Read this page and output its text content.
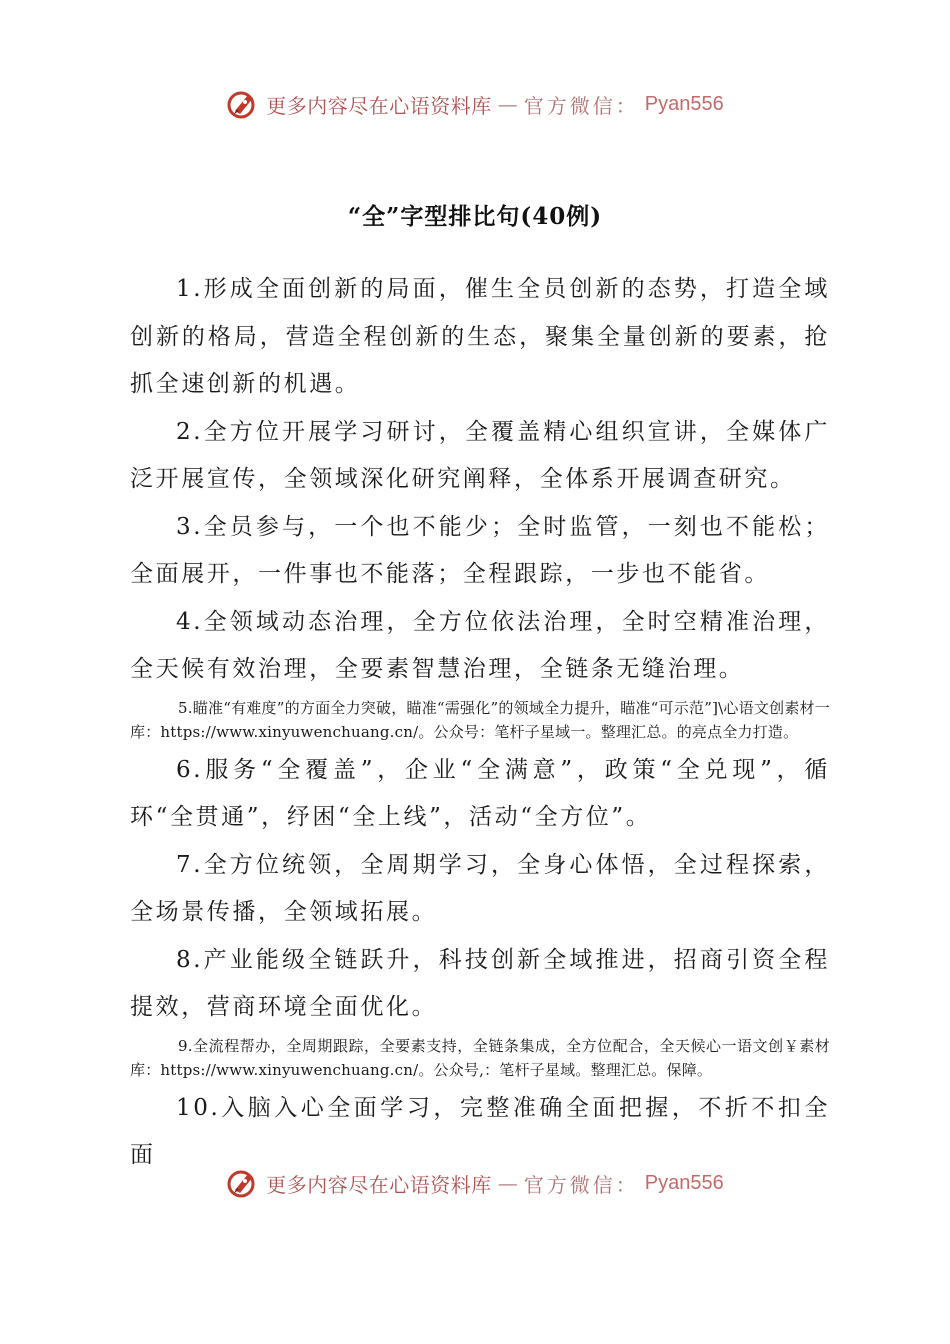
更多内容尽在心语资料库 — 官方微信： Pyan556
“全”字型排比句(40例)

1.形成全面创新的局面，催生全员创新的态势，打造全域创新的格局，营造全程创新的生态，聚集全量创新的要素，抢抓全速创新的机遇。

2.全方位开展学习研讨，全覆盖精心组织宣讲，全媒体广泛开展宣传，全领域深化研究阐释，全体系开展调查研究。

3.全员参与，一个也不能少；全时监管，一刻也不能松；全面展开，一件事也不能落；全程跟踪，一步也不能省。

4.全领域动态治理，全方位依法治理，全时空精准治理，全天候有效治理，全要素智慧治理，全链条无缝治理。

5.瞄准“有难度”的方面全力突破，瞄准“需强化”的领域全力提升，瞄准“可示范”]\心语文创素材一库：https://www.xinyuwenchuang.cn/。公众号：笔杆子星域一。整理汇总。的亮点全力打造。

6.服务“全覆盖”，企业“全满意”，政策“全兑现”，循环“全贯通”，纾困“全上线”，活动“全方位”。

7.全方位统领，全周期学习，全身心体悟，全过程探索，全场景传播，全领域拓展。

8.产业能级全链跃升，科技创新全域推进，招商引资全程提效，营商环境全面优化。

9.全流程帮办，全周期跟踪，全要素支持，全链条集成，全方位配合，全天候心一语文创￥素材库：https://www.xinyuwenchuang.cn/。公众号,：笔杆子星域。整理汇总。保障。

10.入脑入心全面学习，完整准确全面把握，不折不扣全面

更多内容尽在心语资料库 — 官方微信： Pyan556
